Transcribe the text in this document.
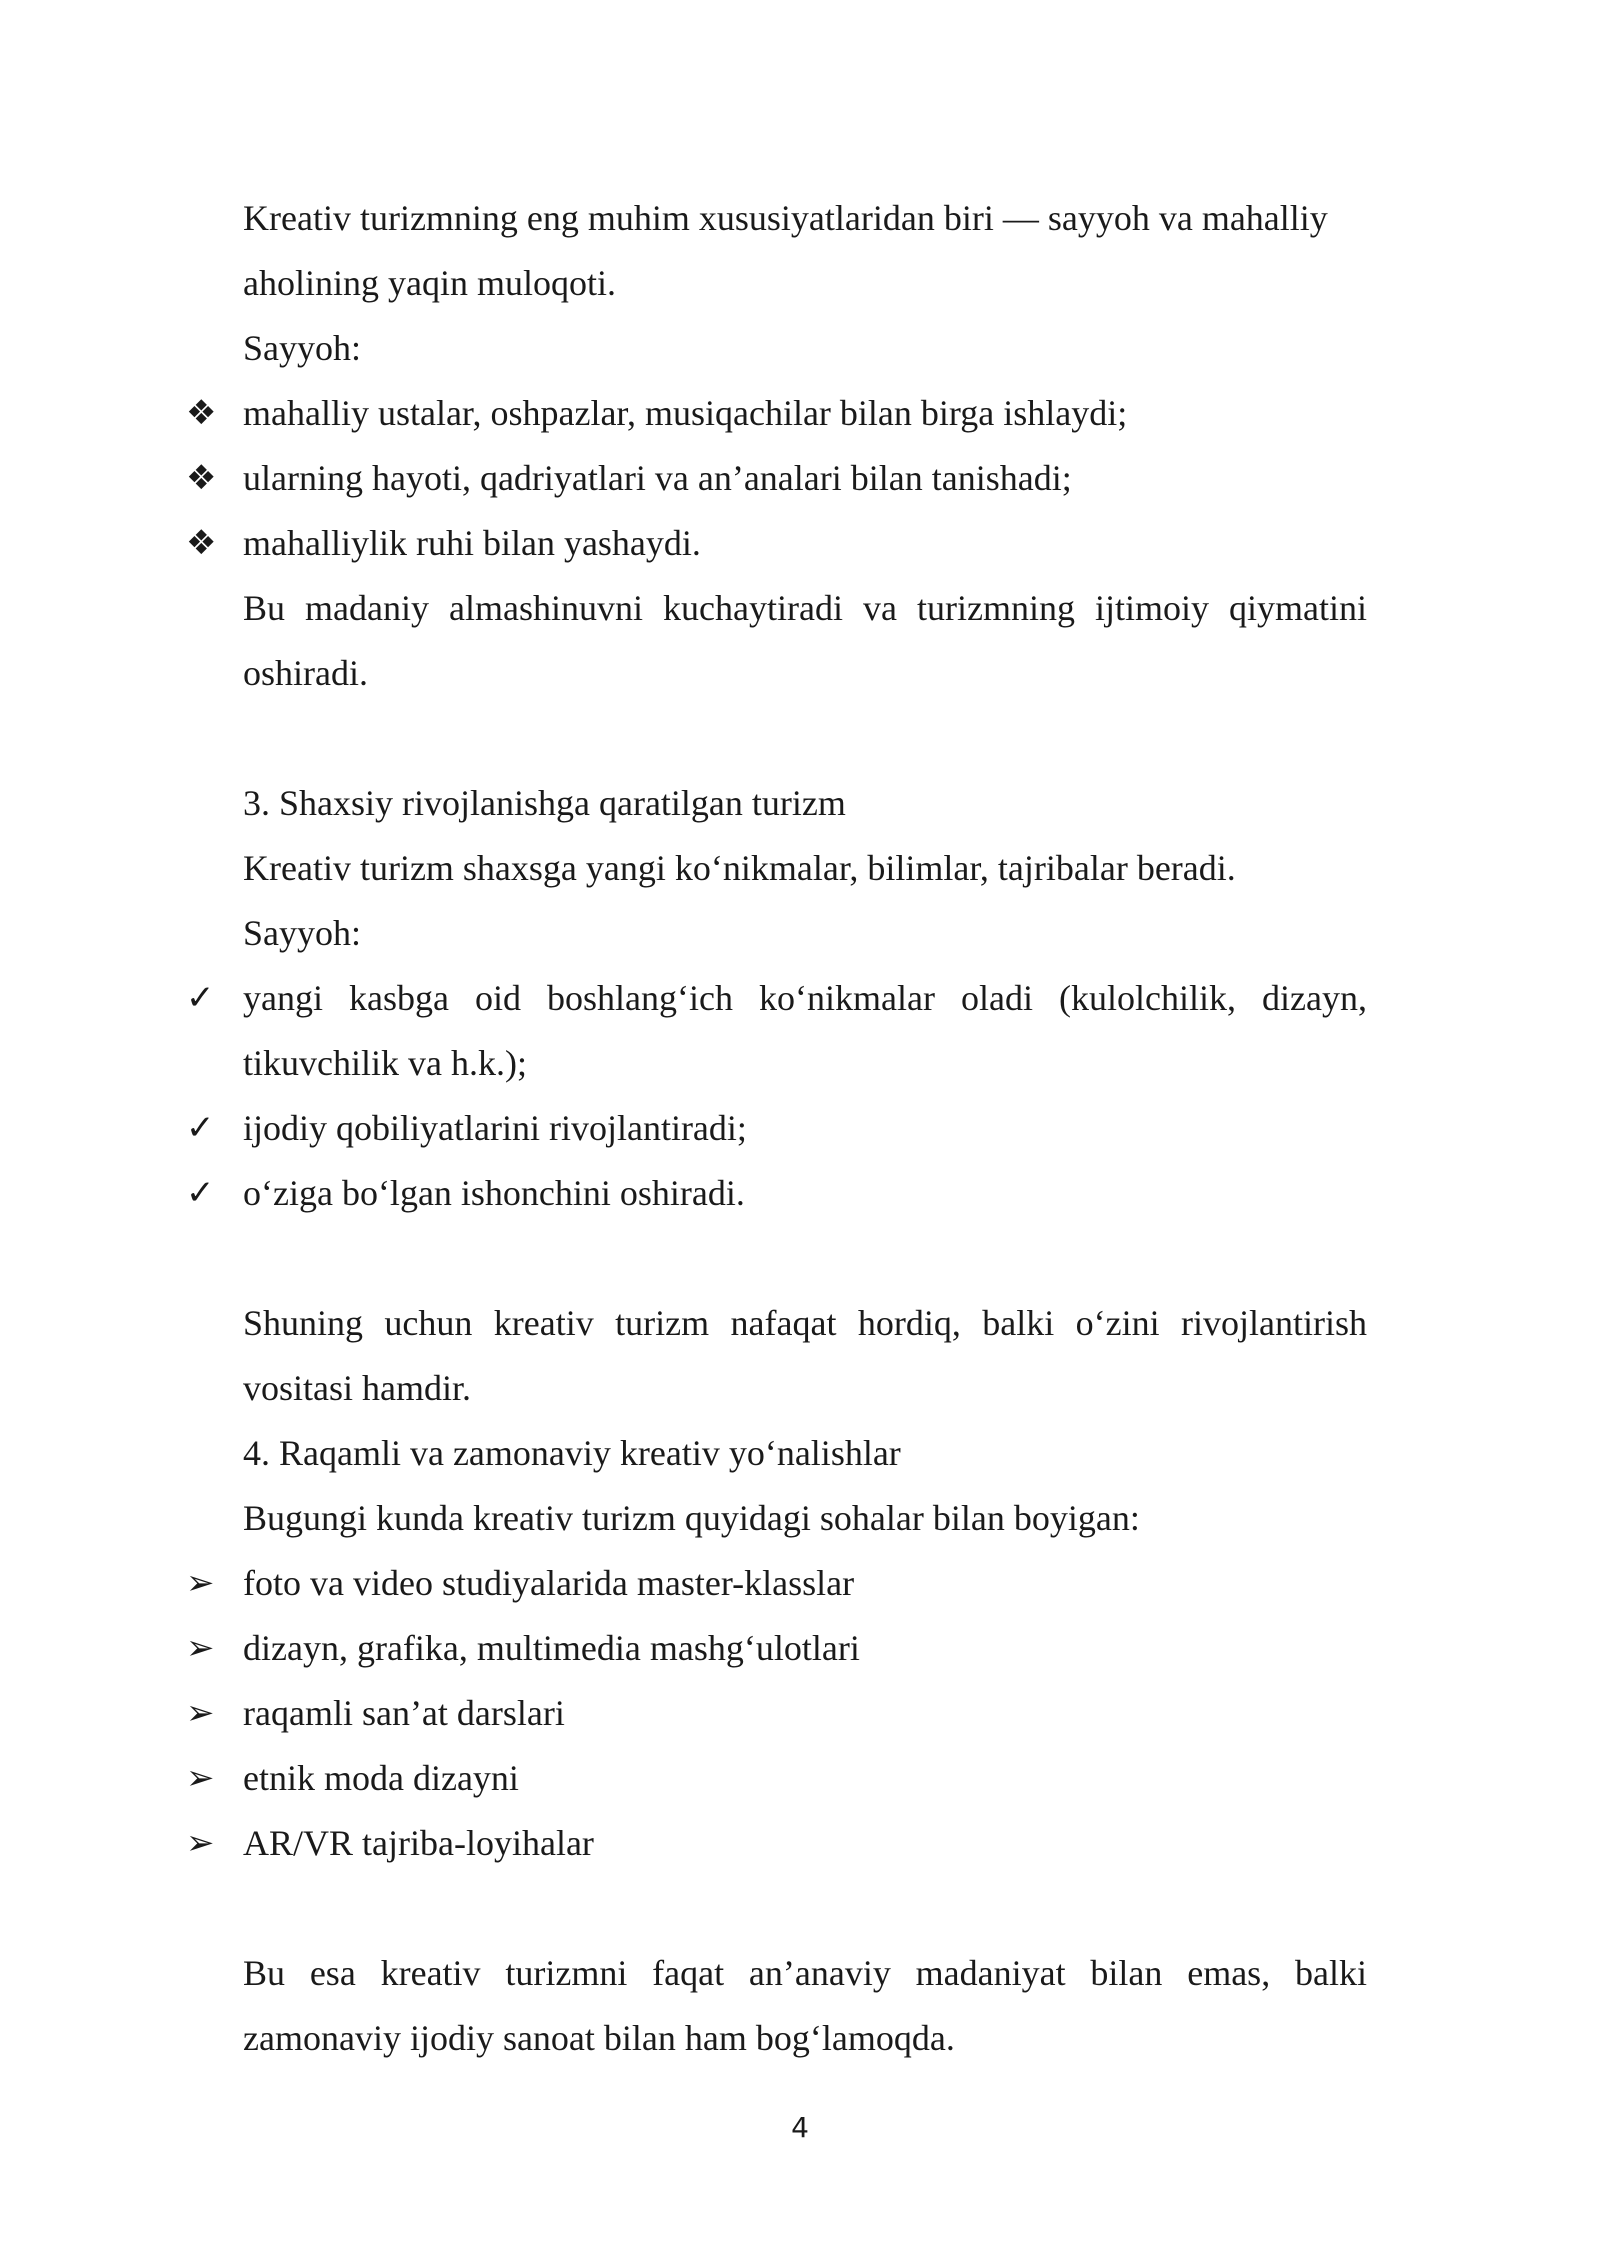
Kreativ turizmning eng muhim xususiyatlaridan biri — sayyoh va mahalliy
aholining yaqin muloqoti.
Sayyoh:
❖ mahalliy ustalar, oshpazlar, musiqachilar bilan birga ishlaydi;
❖ ularning hayoti, qadriyatlari va an’analari bilan tanishadi;
❖ mahalliylik ruhi bilan yashaydi.
Bu madaniy almashinuvni kuchaytiradi va turizmning ijtimoiy qiymatini
oshiradi.
3. Shaxsiy rivojlanishga qaratilgan turizm
Kreativ turizm shaxsga yangi ko‘nikmalar, bilimlar, tajribalar beradi.
Sayyoh:
✓ yangi kasbga oid boshlang‘ich ko‘nikmalar oladi (kulolchilik, dizayn,
tikuvchilik va h.k.);
✓ ijodiy qobiliyatlarini rivojlantiradi;
✓ o‘ziga bo‘lgan ishonchini oshiradi.
Shuning uchun kreativ turizm nafaqat hordiq, balki o‘zini rivojlantirish
vositasi hamdir.
4. Raqamli va zamonaviy kreativ yo‘nalishlar
Bugungi kunda kreativ turizm quyidagi sohalar bilan boyigan:
➢ foto va video studiyalarida master-klasslar
➢ dizayn, grafika, multimedia mashg‘ulotlari
➢ raqamli san’at darslari
➢ etnik moda dizayni
➢ AR/VR tajriba-loyihalar
Bu esa kreativ turizmni faqat an’anaviy madaniyat bilan emas, balki
zamonaviy ijodiy sanoat bilan ham bog‘lamoqda.
4
